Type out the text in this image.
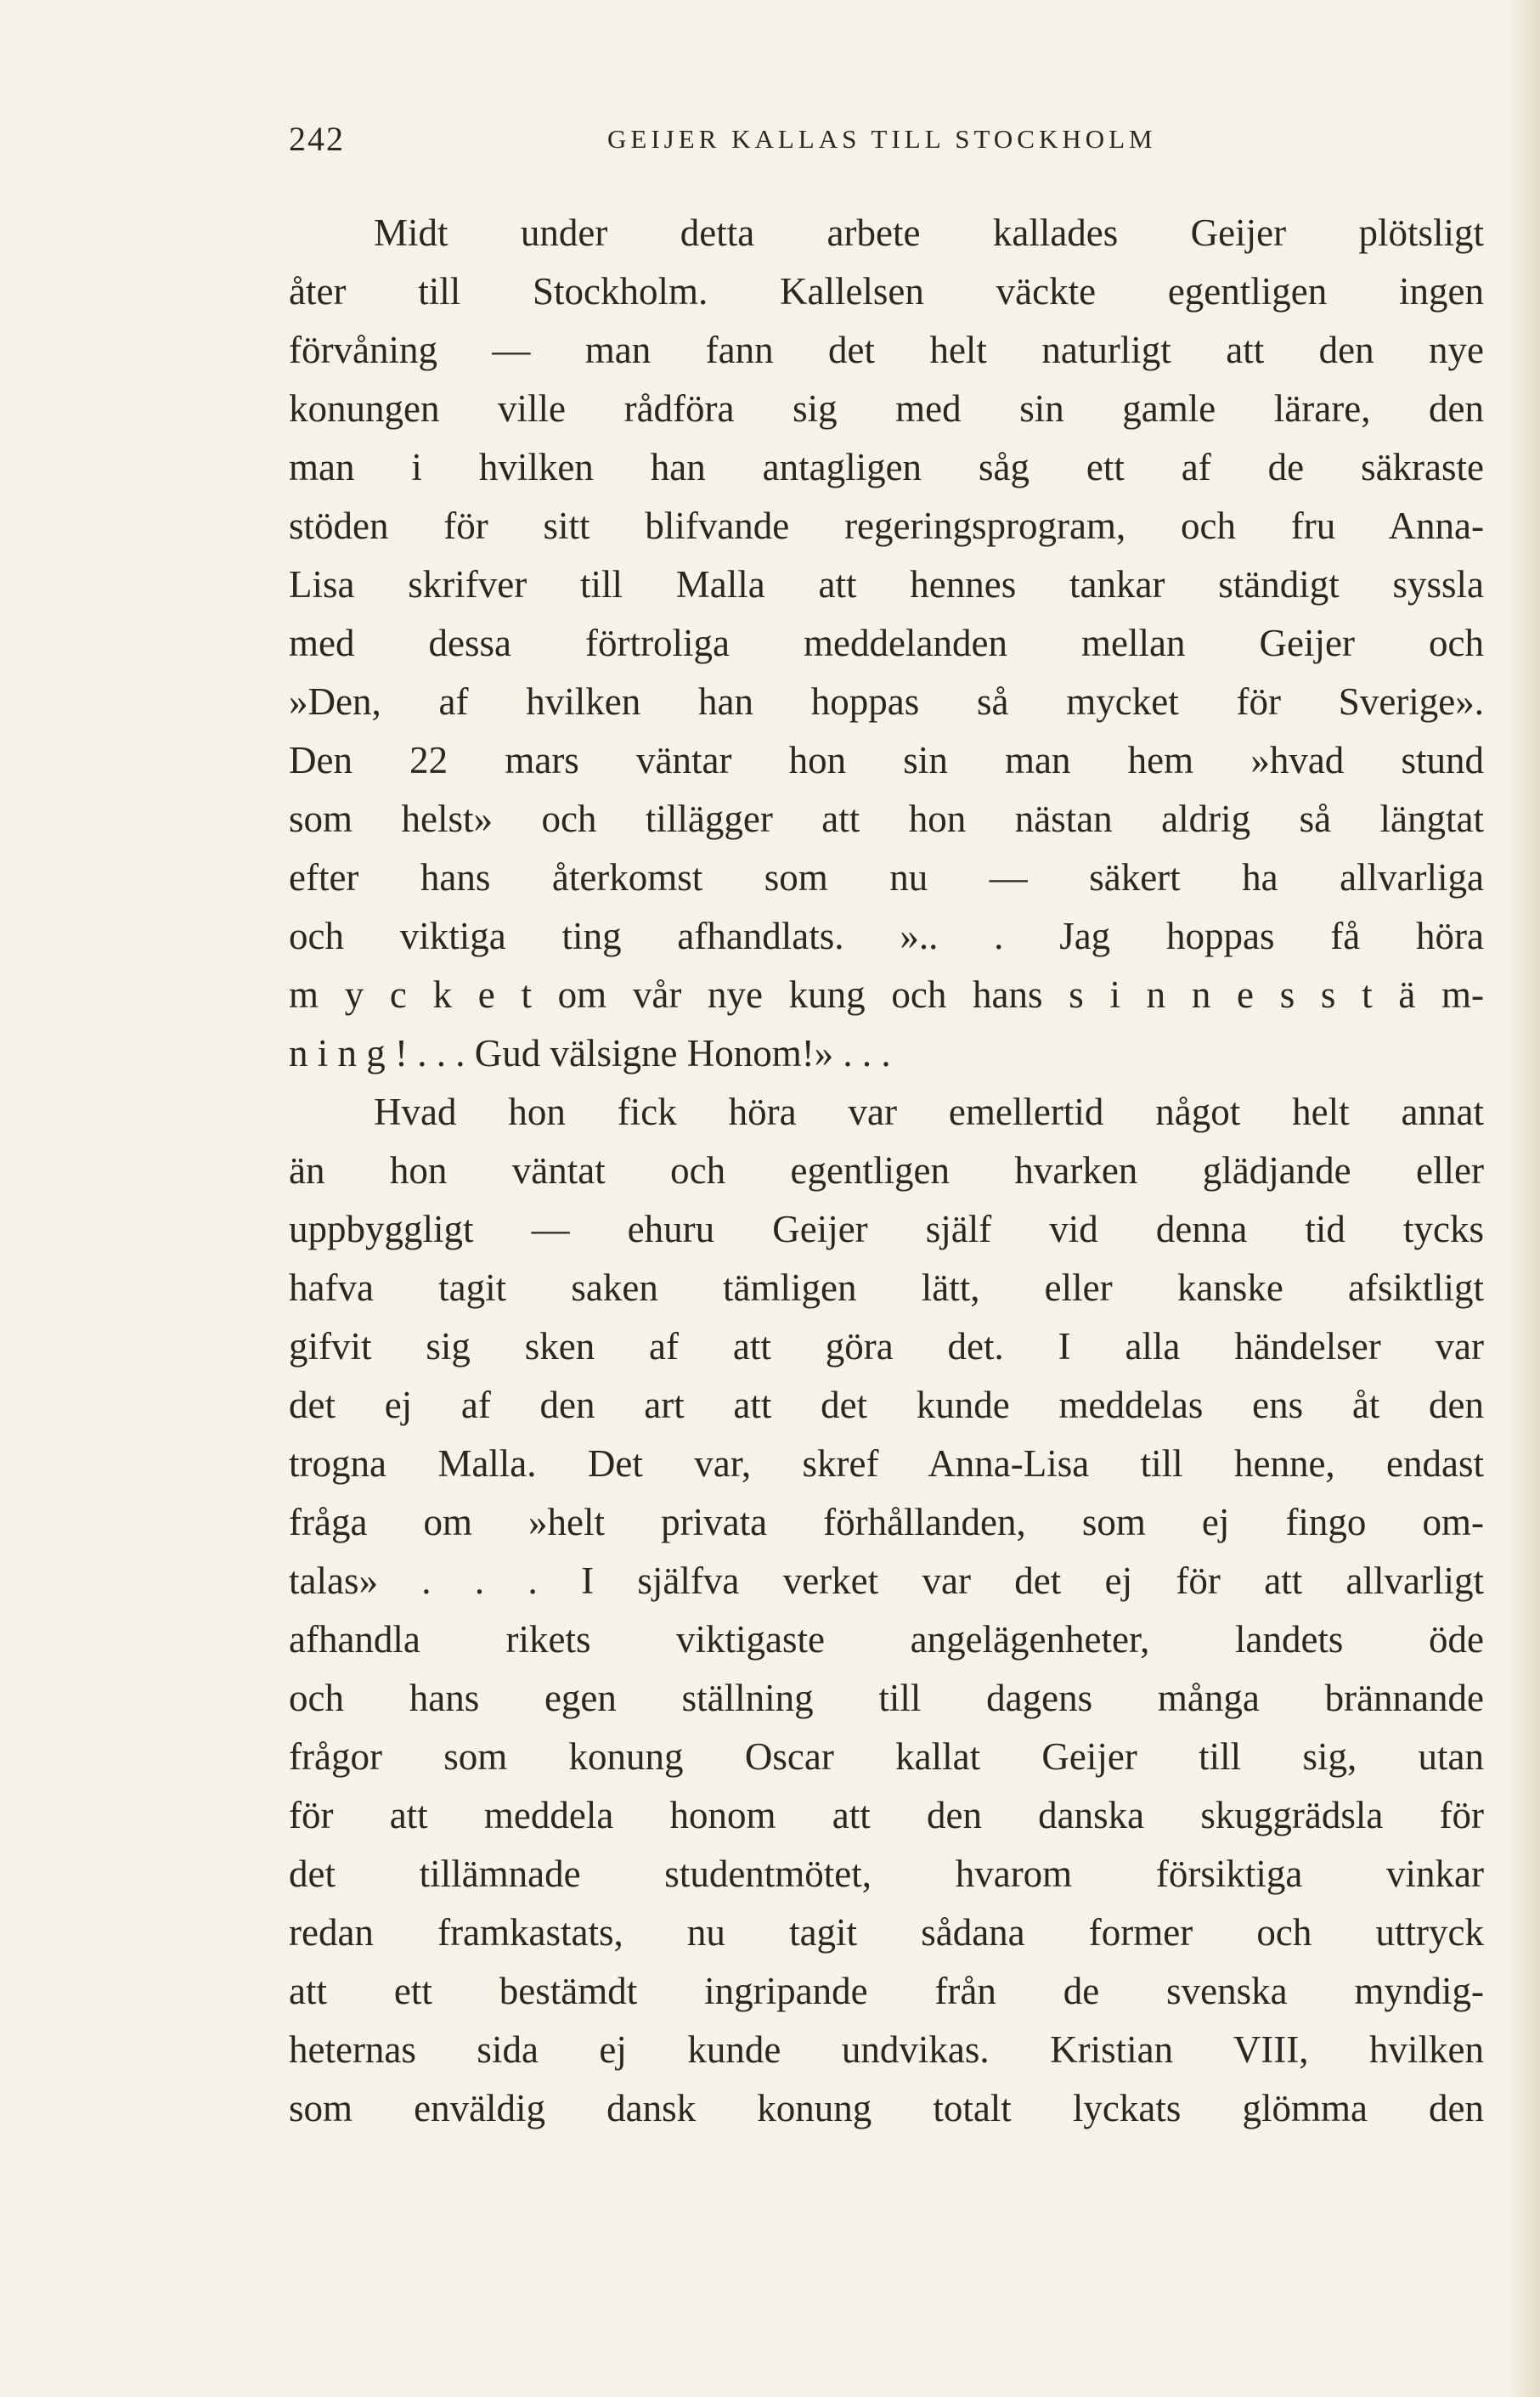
242	GEIJER KALLAS TILL STOCKHOLM
Midt under detta arbete kallades Geijer plötsligt
åter till Stockholm. Kallelsen väckte egentligen ingen
förvåning — man fann det helt naturligt att den nye
konungen ville rådföra sig med sin gamle lärare, den
man i hvilken han antagligen såg ett af de säkraste
stöden för sitt blifvande regeringsprogram, och fru Anna-
Lisa skrifver till Malla att hennes tankar ständigt syssla
med dessa förtroliga meddelanden mellan Geijer och
»Den, af hvilken han hoppas så mycket för Sverige».
Den 22 mars väntar hon sin man hem »hvad stund
som helst» och tillägger att hon nästan aldrig så längtat
efter hans återkomst som nu — säkert ha allvarliga
och viktiga ting afhandlats. ».. . Jag hoppas få höra
m y c k e t om vår nye kung och hans s i n n e s s t ä m-
n i n g ! . . . Gud välsigne Honom!» . . .
Hvad hon fick höra var emellertid något helt annat
än hon väntat och egentligen hvarken glädjande eller
uppbyggligt — ehuru Geijer själf vid denna tid tycks
hafva tagit saken tämligen lätt, eller kanske afsiktligt
gifvit sig sken af att göra det. I alla händelser var
det ej af den art att det kunde meddelas ens åt den
trogna Malla. Det var, skref Anna-Lisa till henne, endast
fråga om »helt privata förhållanden, som ej fingo om-
talas» . . . I själfva verket var det ej för att allvarligt
afhandla rikets viktigaste angelägenheter, landets öde
och hans egen ställning till dagens många brännande
frågor som konung Oscar kallat Geijer till sig, utan
för att meddela honom att den danska skuggrädsla för
det tillämnade studentmötet, hvarom försiktiga vinkar
redan framkastats, nu tagit sådana former och uttryck
att ett bestämdt ingripande från de svenska myndig-
heternas sida ej kunde undvikas. Kristian VIII, hvilken
som enväldig dansk konung totalt lyckats glömma den
